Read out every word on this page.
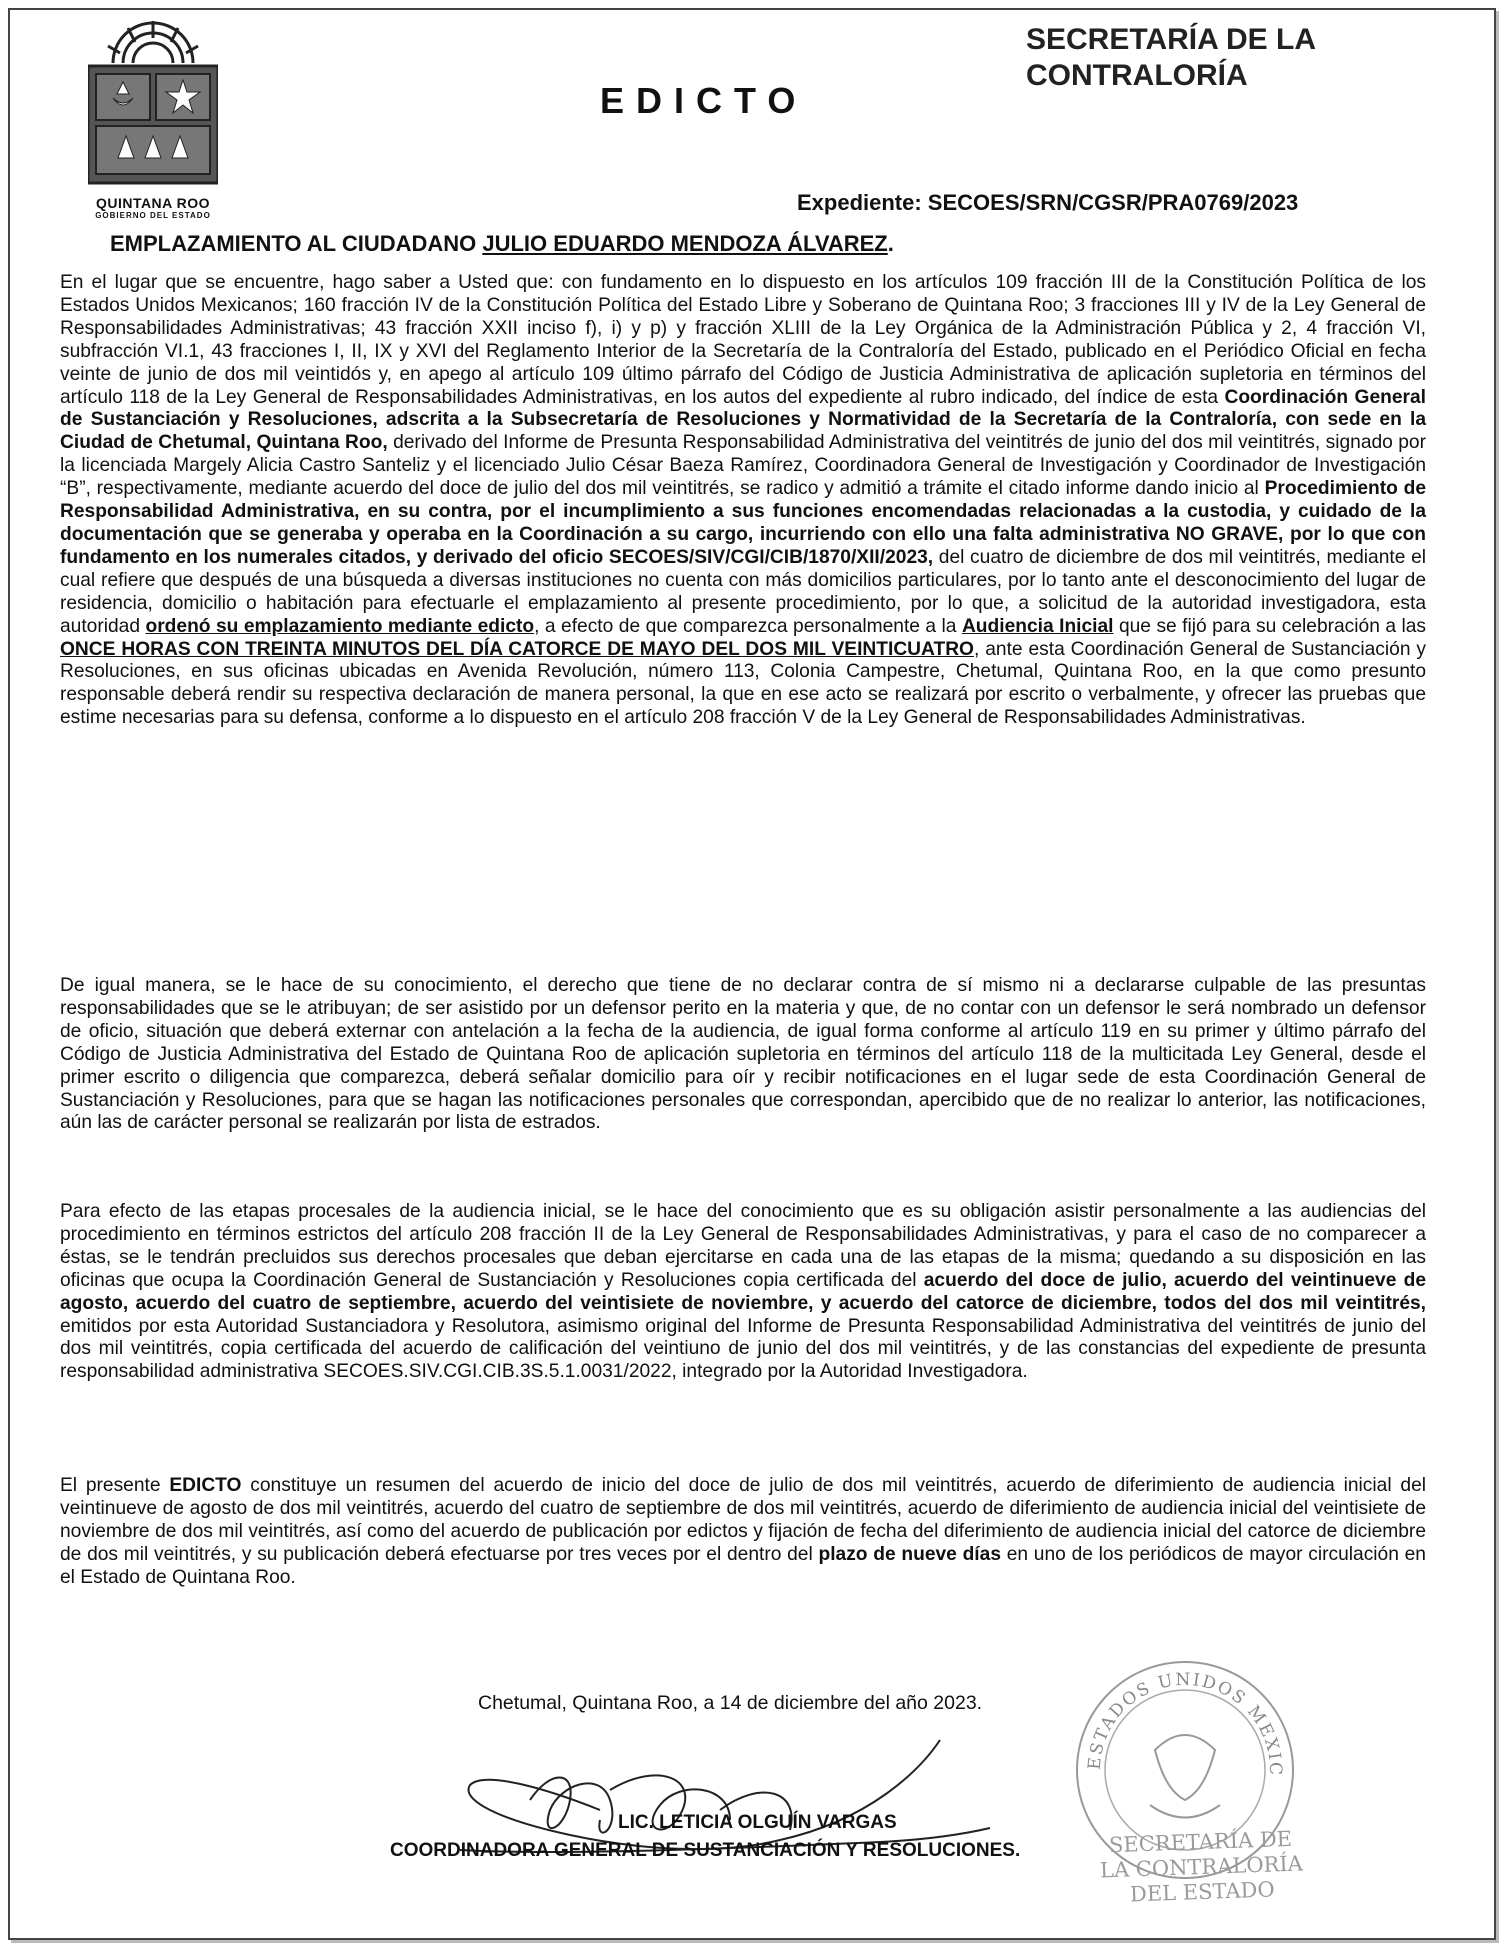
QUINTANA ROO
GOBIERNO DEL ESTADO
SECRETARÍA DE LA
CONTRALORÍA
EDICTO
Expediente: SECOES/SRN/CGSR/PRA0769/2023
EMPLAZAMIENTO AL CIUDADANO JULIO EDUARDO MENDOZA ÁLVAREZ.
En el lugar que se encuentre, hago saber a Usted que: con fundamento en lo dispuesto en los artículos 109 fracción III de la Constitución Política de los Estados Unidos Mexicanos; 160 fracción IV de la Constitución Política del Estado Libre y Soberano de Quintana Roo; 3 fracciones III y IV de la Ley General de Responsabilidades Administrativas; 43 fracción XXII inciso f), i) y p) y fracción XLIII de la Ley Orgánica de la Administración Pública y 2, 4 fracción VI, subfracción VI.1, 43 fracciones I, II, IX y XVI del Reglamento Interior de la Secretaría de la Contraloría del Estado, publicado en el Periódico Oficial en fecha veinte de junio de dos mil veintidós y, en apego al artículo 109 último párrafo del Código de Justicia Administrativa de aplicación supletoria en términos del artículo 118 de la Ley General de Responsabilidades Administrativas, en los autos del expediente al rubro indicado, del índice de esta Coordinación General de Sustanciación y Resoluciones, adscrita a la Subsecretaría de Resoluciones y Normatividad de la Secretaría de la Contraloría, con sede en la Ciudad de Chetumal, Quintana Roo, derivado del Informe de Presunta Responsabilidad Administrativa del veintitrés de junio del dos mil veintitrés, signado por la licenciada Margely Alicia Castro Santeliz y el licenciado Julio César Baeza Ramírez, Coordinadora General de Investigación y Coordinador de Investigación “B”, respectivamente, mediante acuerdo del doce de julio del dos mil veintitrés, se radico y admitió a trámite el citado informe dando inicio al Procedimiento de Responsabilidad Administrativa, en su contra, por el incumplimiento a sus funciones encomendadas relacionadas a la custodia, y cuidado de la documentación que se generaba y operaba en la Coordinación a su cargo, incurriendo con ello una falta administrativa NO GRAVE, por lo que con fundamento en los numerales citados, y derivado del oficio SECOES/SIV/CGI/CIB/1870/XII/2023, del cuatro de diciembre de dos mil veintitrés, mediante el cual refiere que después de una búsqueda a diversas instituciones no cuenta con más domicilios particulares, por lo tanto ante el desconocimiento del lugar de residencia, domicilio o habitación para efectuarle el emplazamiento al presente procedimiento, por lo que, a solicitud de la autoridad investigadora, esta autoridad ordenó su emplazamiento mediante edicto, a efecto de que comparezca personalmente a la Audiencia Inicial que se fijó para su celebración a las ONCE HORAS CON TREINTA MINUTOS DEL DÍA CATORCE DE MAYO DEL DOS MIL VEINTICUATRO, ante esta Coordinación General de Sustanciación y Resoluciones, en sus oficinas ubicadas en Avenida Revolución, número 113, Colonia Campestre, Chetumal, Quintana Roo, en la que como presunto responsable deberá rendir su respectiva declaración de manera personal, la que en ese acto se realizará por escrito o verbalmente, y ofrecer las pruebas que estime necesarias para su defensa, conforme a lo dispuesto en el artículo 208 fracción V de la Ley General de Responsabilidades Administrativas.
De igual manera, se le hace de su conocimiento, el derecho que tiene de no declarar contra de sí mismo ni a declararse culpable de las presuntas responsabilidades que se le atribuyan; de ser asistido por un defensor perito en la materia y que, de no contar con un defensor le será nombrado un defensor de oficio, situación que deberá externar con antelación a la fecha de la audiencia, de igual forma conforme al artículo 119 en su primer y último párrafo del Código de Justicia Administrativa del Estado de Quintana Roo de aplicación supletoria en términos del artículo 118 de la multicitada Ley General, desde el primer escrito o diligencia que comparezca, deberá señalar domicilio para oír y recibir notificaciones en el lugar sede de esta Coordinación General de Sustanciación y Resoluciones, para que se hagan las notificaciones personales que correspondan, apercibido que de no realizar lo anterior, las notificaciones, aún las de carácter personal se realizarán por lista de estrados.
Para efecto de las etapas procesales de la audiencia inicial, se le hace del conocimiento que es su obligación asistir personalmente a las audiencias del procedimiento en términos estrictos del artículo 208 fracción II de la Ley General de Responsabilidades Administrativas, y para el caso de no comparecer a éstas, se le tendrán precluidos sus derechos procesales que deban ejercitarse en cada una de las etapas de la misma; quedando a su disposición en las oficinas que ocupa la Coordinación General de Sustanciación y Resoluciones copia certificada del acuerdo del doce de julio, acuerdo del veintinueve de agosto, acuerdo del cuatro de septiembre, acuerdo del veintisiete de noviembre, y acuerdo del catorce de diciembre, todos del dos mil veintitrés, emitidos por esta Autoridad Sustanciadora y Resolutora, asimismo original del Informe de Presunta Responsabilidad Administrativa del veintitrés de junio del dos mil veintitrés, copia certificada del acuerdo de calificación del veintiuno de junio del dos mil veintitrés, y de las constancias del expediente de presunta responsabilidad administrativa SECOES.SIV.CGI.CIB.3S.5.1.0031/2022, integrado por la Autoridad Investigadora.
El presente EDICTO constituye un resumen del acuerdo de inicio del doce de julio de dos mil veintitrés, acuerdo de diferimiento de audiencia inicial del veintinueve de agosto de dos mil veintitrés, acuerdo del cuatro de septiembre de dos mil veintitrés, acuerdo de diferimiento de audiencia inicial del veintisiete de noviembre de dos mil veintitrés, así como del acuerdo de publicación por edictos y fijación de fecha del diferimiento de audiencia inicial del catorce de diciembre de dos mil veintitrés, y su publicación deberá efectuarse por tres veces por el dentro del plazo de nueve días en uno de los periódicos de mayor circulación en el Estado de Quintana Roo.
ESTADOS UNIDOS MEXIC
Chetumal, Quintana Roo, a 14 de diciembre del año 2023.
LIC. LETICIA OLGUÍN VARGAS
COORDINADORA GENERAL DE SUSTANCIACIÓN Y RESOLUCIONES.	SECRETARÍA DE
LA CONTRALORÍA
DEL ESTADO
